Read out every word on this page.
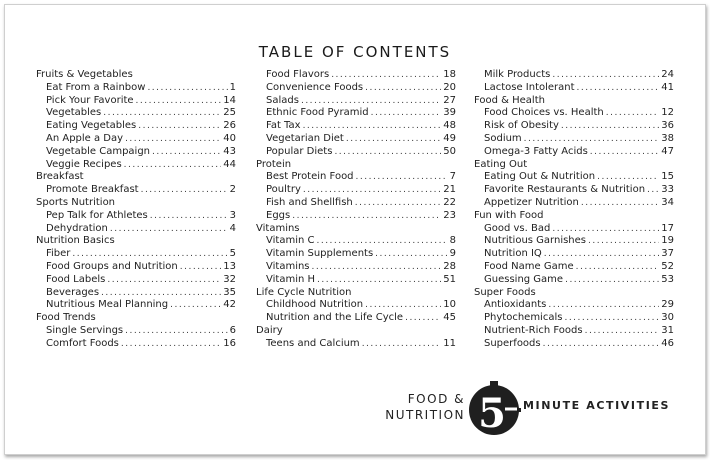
TABLE OF CONTENTS
Fruits & Vegetables
Eat From a Rainbow .....	1
Pick Your Favorite .....	14
Vegetables .....	25
Eating Vegetables .....	26
An Apple a Day .....	40
Vegetable Campaign .....	43
Veggie Recipes .....	44
Breakfast
Promote Breakfast .....	2
Sports Nutrition
Pep Talk for Athletes .....	3
Dehydration .....	4
Nutrition Basics
Fiber .....	5
Food Groups and Nutrition .....	13
Food Labels .....	32
Beverages .....	35
Nutritious Meal Planning .....	42
Food Trends
Single Servings .....	6
Comfort Foods .....	16
Food Flavors .....	18
Convenience Foods .....	20
Salads .....	27
Ethnic Food Pyramid .....	39
Fat Tax .....	48
Vegetarian Diet .....	49
Popular Diets .....	50
Protein
Best Protein Food .....	7
Poultry .....	21
Fish and Shellfish .....	22
Eggs .....	23
Vitamins
Vitamin C .....	8
Vitamin Supplements .....	9
Vitamins .....	28
Vitamin H .....	51
Life Cycle Nutrition
Childhood Nutrition .....	10
Nutrition and the Life Cycle .....	45
Dairy
Teens and Calcium .....	11
Milk Products .....	24
Lactose Intolerant .....	41
Food & Health
Food Choices vs. Health .....	12
Risk of Obesity .....	36
Sodium .....	38
Omega-3 Fatty Acids .....	47
Eating Out
Eating Out & Nutrition .....	15
Favorite Restaurants & Nutrition ..... 33
Appetizer Nutrition .....	34
Fun with Food
Good vs. Bad .....	17
Nutritious Garnishes .....	19
Nutrition IQ .....	37
Food Name Game .....	52
Guessing Game .....	53
Super Foods
Antioxidants .....	29
Phytochemicals .....	30
Nutrient-Rich Foods .....	31
Superfoods .....	46
FOOD &
NUTRITION 5 MINUTE ACTIVITIES
